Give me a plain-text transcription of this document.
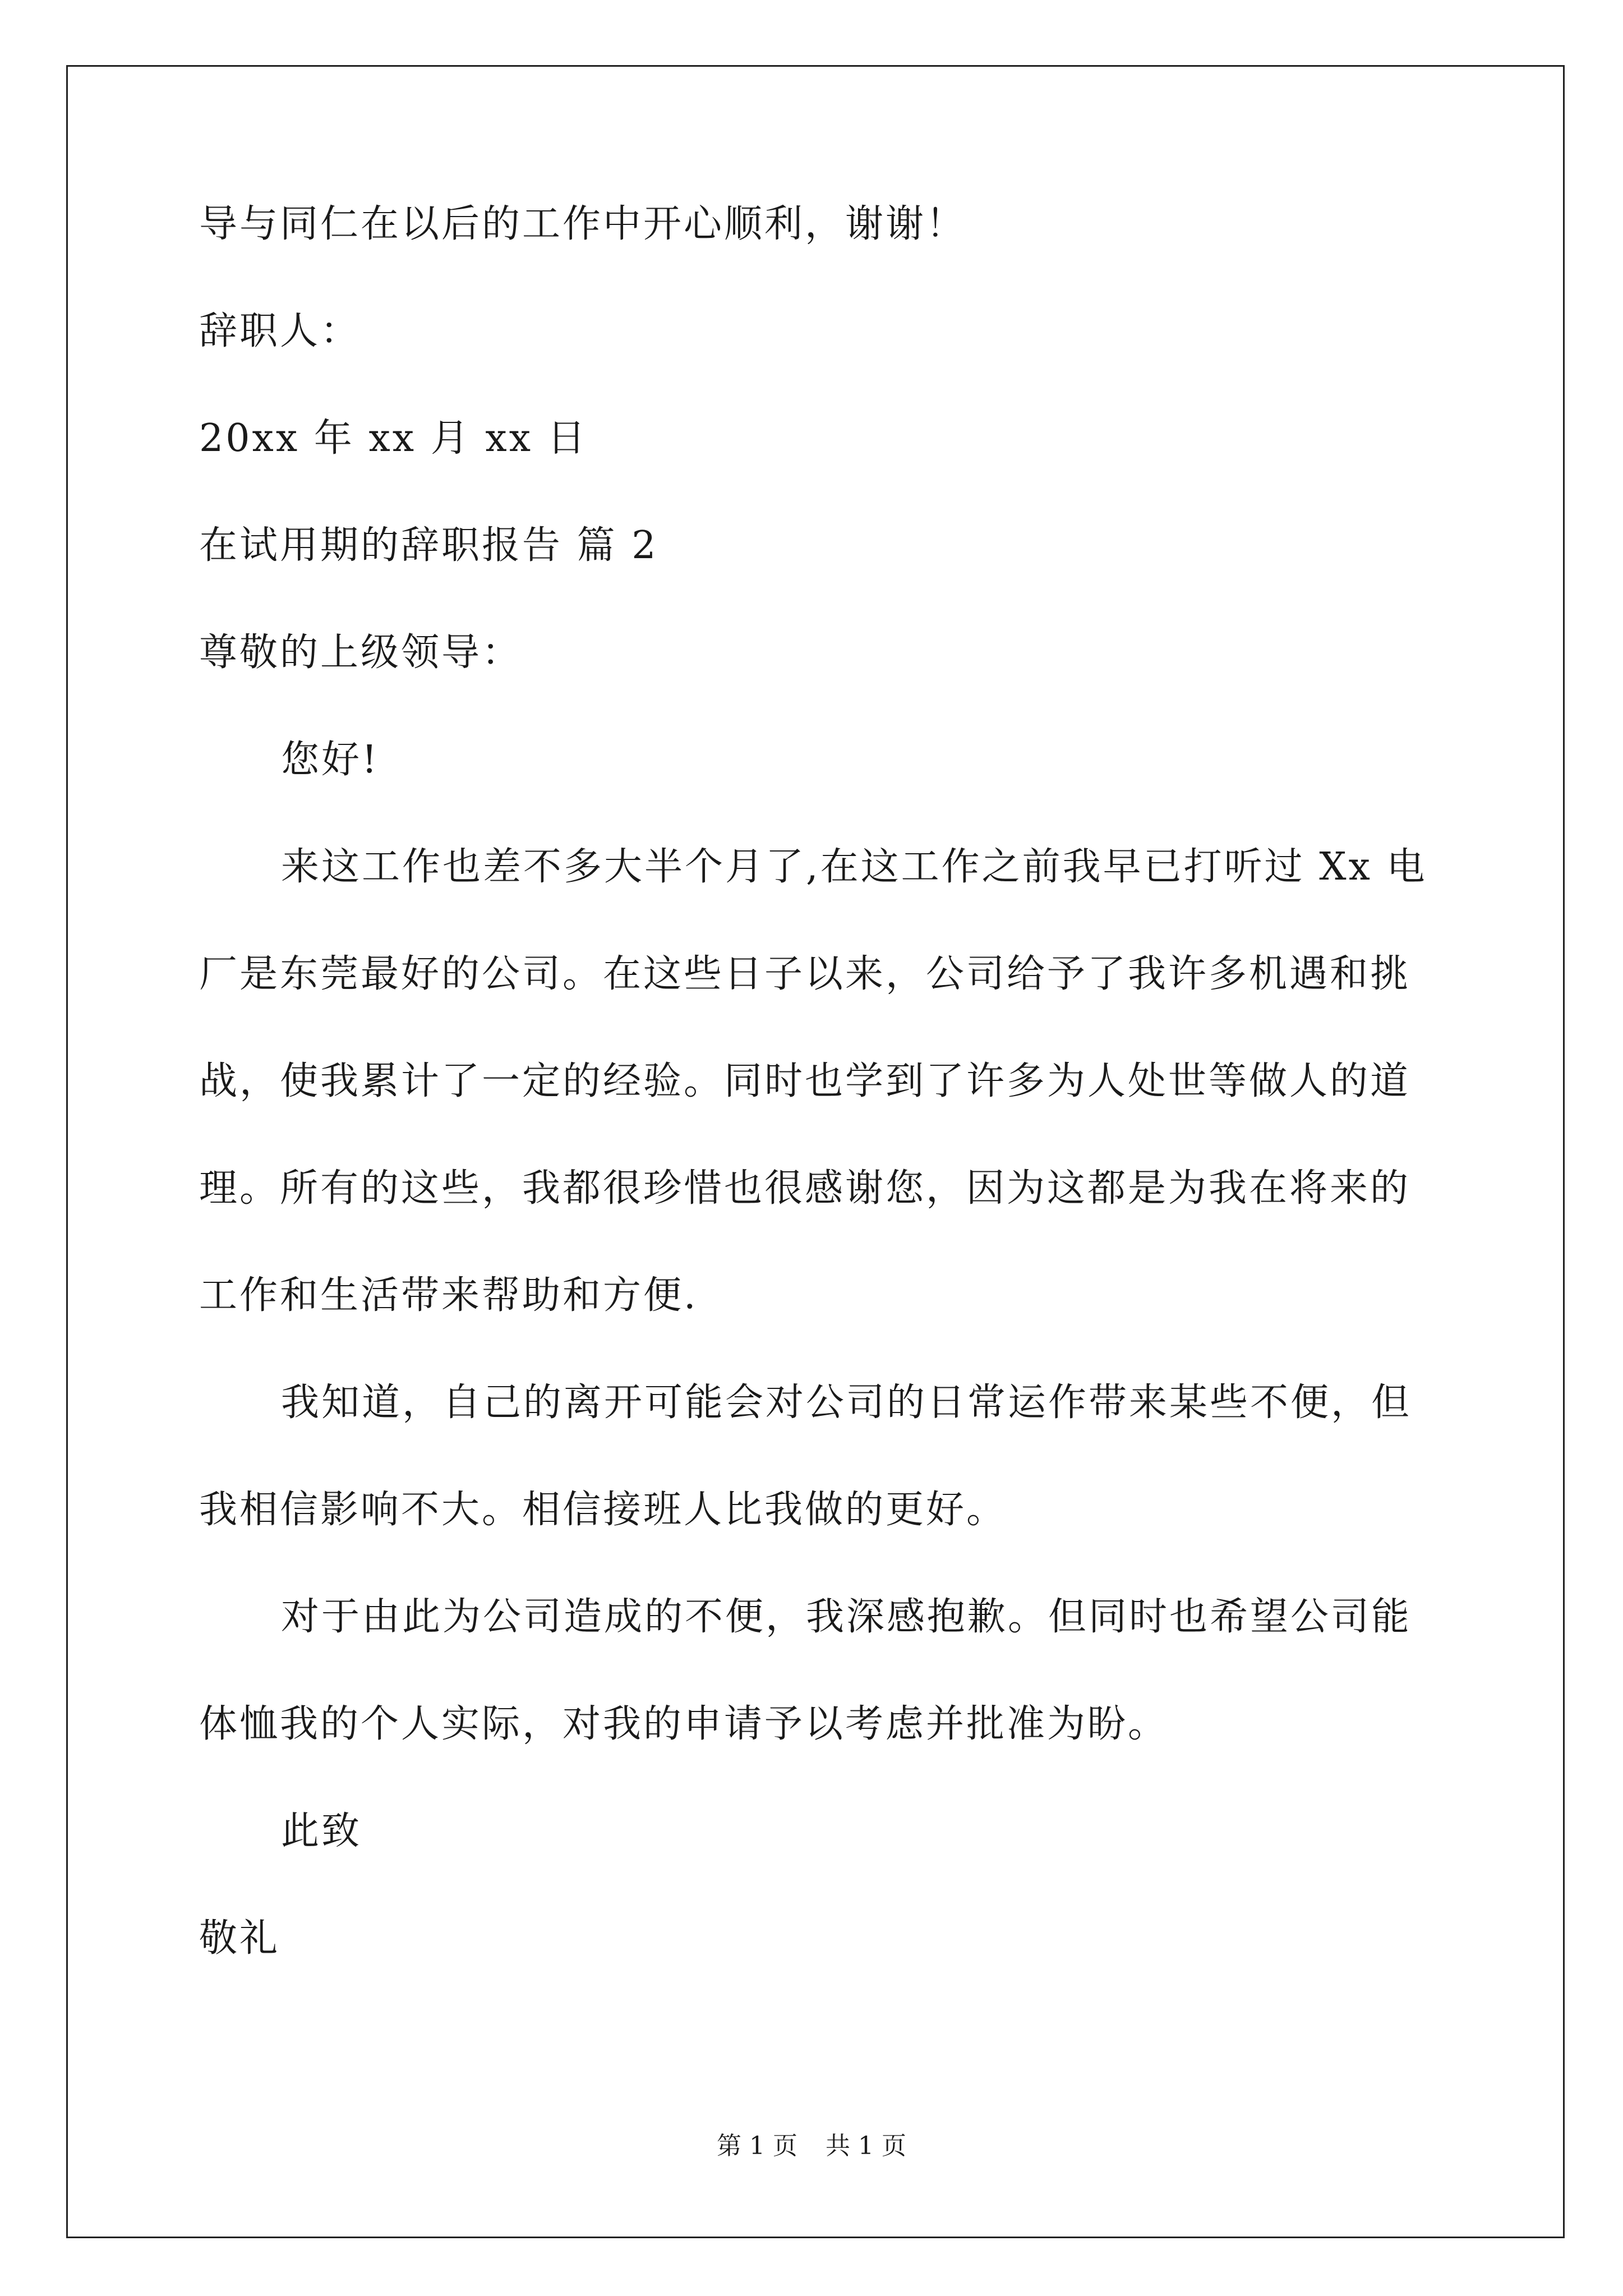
导与同仁在以后的工作中开心顺利，谢谢！

辞职人：

20xx 年 xx 月 xx 日

在试用期的辞职报告 篇 2

尊敬的上级领导：

您好!

来这工作也差不多大半个月了,在这工作之前我早已打听过 Xx 电

厂是东莞最好的公司。在这些日子以来，公司给予了我许多机遇和挑

战，使我累计了一定的经验。同时也学到了许多为人处世等做人的道

理。所有的这些，我都很珍惜也很感谢您，因为这都是为我在将来的

工作和生活带来帮助和方便.

我知道，自己的离开可能会对公司的日常运作带来某些不便，但

我相信影响不大。相信接班人比我做的更好。

对于由此为公司造成的不便，我深感抱歉。但同时也希望公司能

体恤我的个人实际，对我的申请予以考虑并批准为盼。

此致

敬礼

第 1 页 共 1 页
